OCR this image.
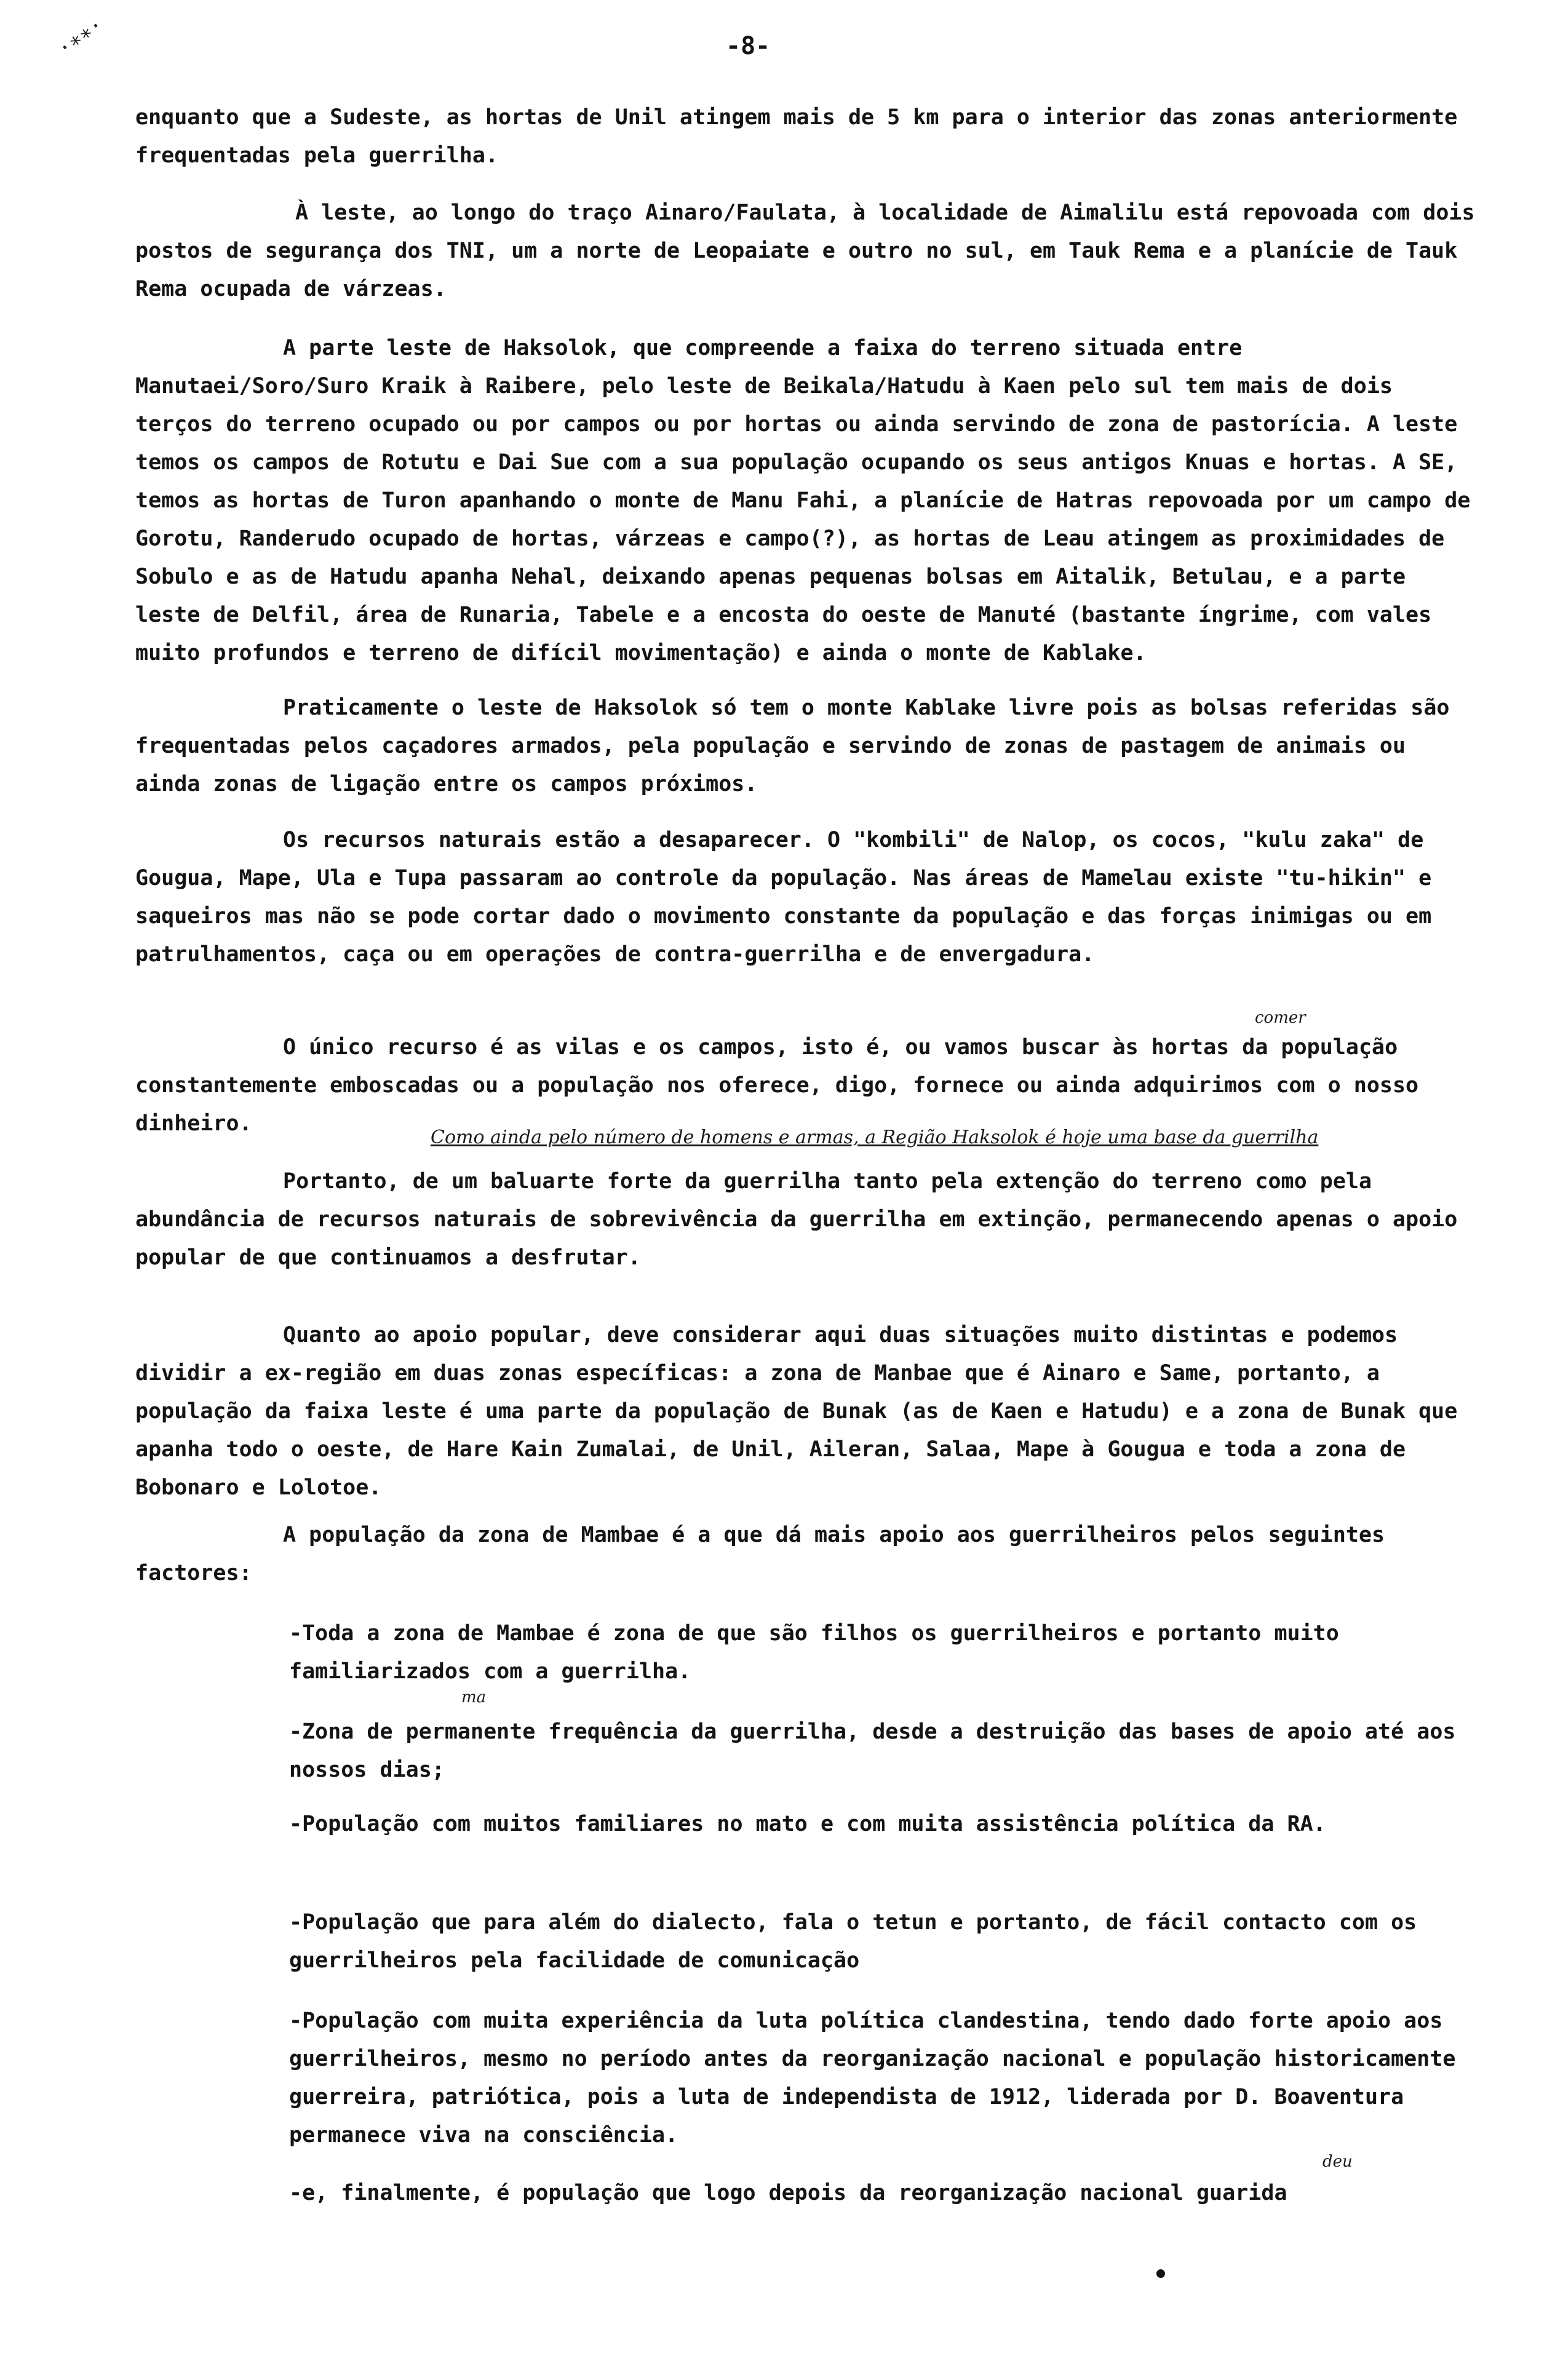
·∗∗·	-8-
enquanto que a Sudeste, as hortas de Unil atingem mais de 5 km para o interior das zonas anteriormente frequentadas pela guerrilha.
À leste, ao longo do traço Ainaro/Faulata, à localidade de Aimalilu está repovoada com dois postos de segurança dos TNI, um a norte de Leopaiate e outro no sul, em Tauk Rema e a planície de Tauk Rema ocupada de várzeas.
A parte leste de Haksolok, que compreende a faixa do terreno situada entre Manutaei/Soro/Suro Kraik à Raibere, pelo leste de Beikala/Hatudu à Kaen pelo sul tem mais de dois terços do terreno ocupado ou por campos ou por hortas ou ainda servindo de zona de pastorícia. A leste temos os campos de Rotutu e Dai Sue com a sua população ocupando os seus antigos Knuas e hortas. A SE, temos as hortas de Turon apanhando o monte de Manu Fahi, a planície de Hatras repovoada por um campo de Gorotu, Randerudo ocupado de hortas, várzeas e campo(?), as hortas de Leau atingem as proximidades de Sobulo e as de Hatudu apanha Nehal, deixando apenas pequenas bolsas em Aitalik, Betulau, e a parte leste de Delfil, área de Runaria, Tabele e a encosta do oeste de Manuté (bastante íngrime, com vales muito profundos e terreno de difícil movimentação) e ainda o monte de Kablake.
Praticamente o leste de Haksolok só tem o monte Kablake livre pois as bolsas referidas são frequentadas pelos caçadores armados, pela população e servindo de zonas de pastagem de animais ou ainda zonas de ligação entre os campos próximos.
Os recursos naturais estão a desaparecer. O "kombili" de Nalop, os cocos, "kulu zaka" de Gougua, Mape, Ula e Tupa passaram ao controle da população. Nas áreas de Mamelau existe "tu-hikin" e saqueiros mas não se pode cortar dado o movimento constante da população e das forças inimigas ou em patrulhamentos, caça ou em operações de contra-guerrilha e de envergadura.
O único recurso é as vilas e os campos, isto é, ou vamos buscar às hortas da população constantemente emboscadas ou a população nos oferece, digo, fornece ou ainda adquirimos com o nosso dinheiro.
Portanto, de um baluarte forte da guerrilha tanto pela extenção do terreno como pela abundância de recursos naturais de sobrevivência da guerrilha em extinção, permanecendo apenas o apoio popular de que continuamos a desfrutar.
Quanto ao apoio popular, deve considerar aqui duas situações muito distintas e podemos dividir a ex-região em duas zonas específicas: a zona de Manbae que é Ainaro e Same, portanto, a população da faixa leste é uma parte da população de Bunak (as de Kaen e Hatudu) e a zona de Bunak que apanha todo o oeste, de Hare Kain Zumalai, de Unil, Aileran, Salaa, Mape à Gougua e toda a zona de Bobonaro e Lolotoe.
A população da zona de Mambae é a que dá mais apoio aos guerrilheiros pelos seguintes factores:
-Toda a zona de Mambae é zona de que são filhos os guerrilheiros e portanto muito familiarizados com a guerrilha.
-Zona de permanente frequência da guerrilha, desde a destruição das bases de apoio até aos nossos dias;
-População com muitos familiares no mato e com muita assistência política da RA.
-População que para além do dialecto, fala o tetun e portanto, de fácil contacto com os guerrilheiros pela facilidade de comunicação
-População com muita experiência da luta política clandestina, tendo dado forte apoio aos guerrilheiros, mesmo no período antes da reorganização nacional e população historicamente guerreira, patriótica, pois a luta de independista de 1912, liderada por D. Boaventura permanece viva na consciência.
-e, finalmente, é população que logo depois da reorganização nacional guarida
Como ainda pelo número de homens e armas, a Região Haksolok é hoje uma base da guerrilha
comer
ma
deu
